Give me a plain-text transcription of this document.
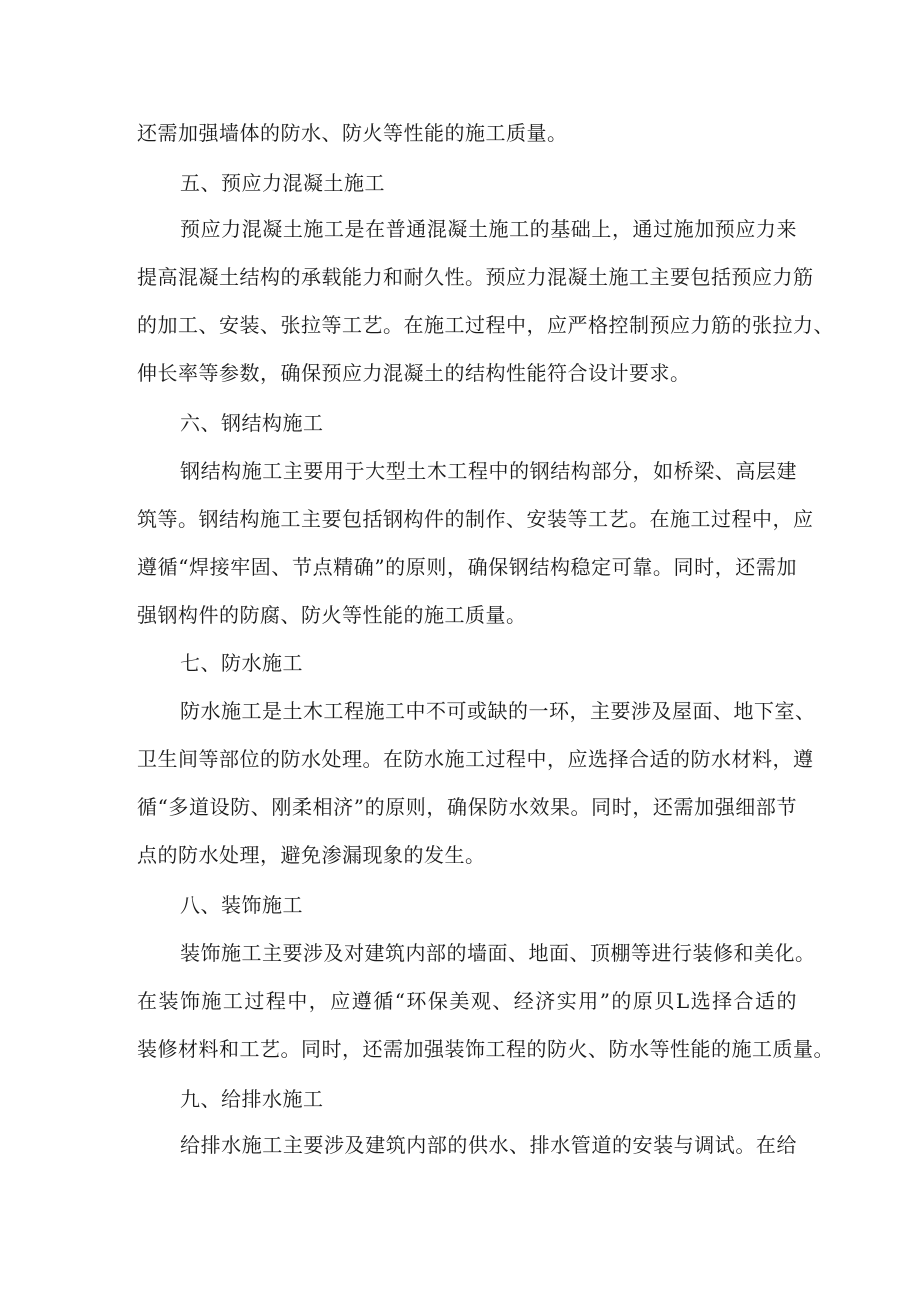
还需加强墙体的防水、防火等性能的施工质量。
五、预应力混凝土施工
预应力混凝土施工是在普通混凝土施工的基础上，通过施加预应力来
提高混凝土结构的承载能力和耐久性。预应力混凝土施工主要包括预应力筋
的加工、安装、张拉等工艺。在施工过程中，应严格控制预应力筋的张拉力、
伸长率等参数，确保预应力混凝土的结构性能符合设计要求。
六、钢结构施工
钢结构施工主要用于大型土木工程中的钢结构部分，如桥梁、高层建
筑等。钢结构施工主要包括钢构件的制作、安装等工艺。在施工过程中，应
遵循“焊接牢固、节点精确”的原则，确保钢结构稳定可靠。同时，还需加
强钢构件的防腐、防火等性能的施工质量。
七、防水施工
防水施工是土木工程施工中不可或缺的一环，主要涉及屋面、地下室、
卫生间等部位的防水处理。在防水施工过程中，应选择合适的防水材料，遵
循“多道设防、刚柔相济”的原则，确保防水效果。同时，还需加强细部节
点的防水处理，避免渗漏现象的发生。
八、装饰施工
装饰施工主要涉及对建筑内部的墙面、地面、顶棚等进行装修和美化。
在装饰施工过程中，应遵循“环保美观、经济实用”的原贝L选择合适的
装修材料和工艺。同时，还需加强装饰工程的防火、防水等性能的施工质量。
九、给排水施工
给排水施工主要涉及建筑内部的供水、排水管道的安装与调试。在给
